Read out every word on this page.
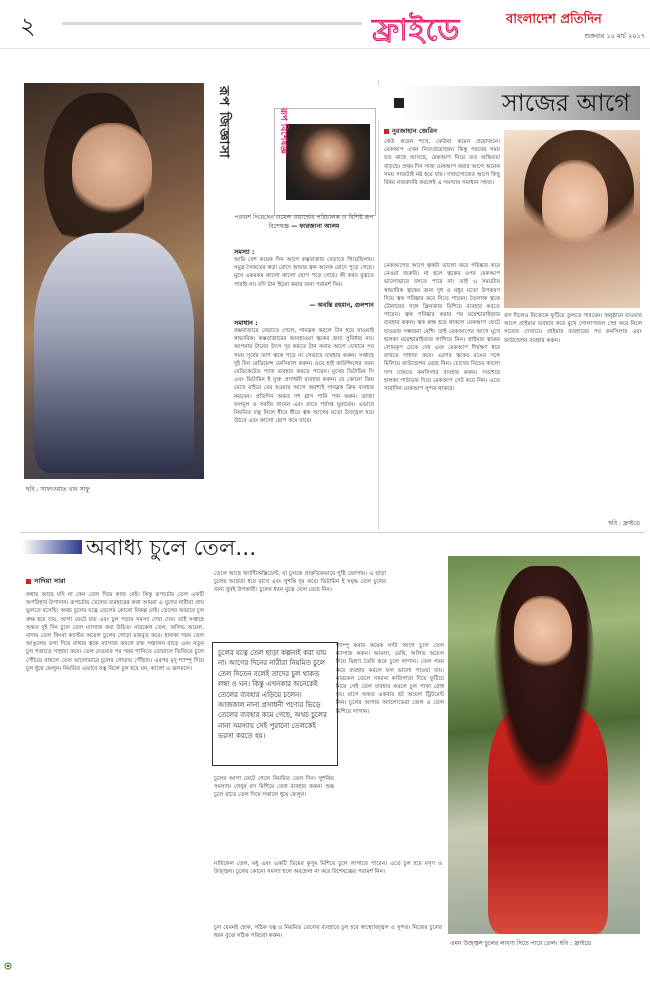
২	ফ্রাইডে	বাংলাদেশ প্রতিদিন
শুক্রবার ১০ মার্চ ২০১৭
ছবি : সাফাওয়াত খান সাফু
রূপ জিজ্ঞাসা	রূপ বিশেষজ্ঞ
পরামর্শ দিয়েছেন ওমেন্স ওয়ার্ল্ডের পরিচালক ও বিশিষ্ট রূপ বিশেষজ্ঞ — ফারজানা আলম
সমস্যা :
আমি বেশ কয়েক দিন আগে কক্সবাজার বেড়াতে গিয়েছিলাম। সমুদ্র সৈকতের কড়া রোদে আমার ত্বক অনেক রোদে পুড়ে গেছে। মুখে একরকম কালো কালো ছোপ পড়ে গেছে। কী করব বুঝতে পারছি না। যদি টান হিয়ো করার জন্য পরামর্শ দিন।
— অবন্তি রহমান, গুলশান
সমাধান :
কক্সবাজারে বেড়াতে গেলে, সানব্লক করলে টান হয়ে যাওয়াই স্বাভাবিক। কক্সবাজারের আবহাওয়া ত্বকের জন্য সুবিধার নয়। আপনার টানের উৎস দূর করতে টান করার আগে যেখানে সব সময় সূর্যের তাপ ত্বকে পড়ে না সেভাবে ব্যবহার করুন। সপ্তাহে দুই দিন রেডিয়েন্স ফেসিয়াল করুন। ওয়ে হাই কাউন্সিলের জন্য মেডিকেটেড প্যাক ব্যবহার করতে পারেন। মুখের ভিটামিন সি এবং ভিটামিন ই যুক্ত প্রসাধনী ব্যবহার করুন। যে কোনো ক্রিম মেখে বাইরে বের হওয়ার আগে অবশ্যই সানব্লক ক্রিম ব্যবহার করবেন। প্রতিদিন অন্তত দশ গ্লাস পানি পান করুন। তাজা ফলমূল ও সবজি খাবেন এবং রাতে পর্যাপ্ত ঘুমাবেন। এভাবে নিয়মিত যত্ন নিলে ধীরে ধীরে ত্বক আগের মতো উজ্জ্বল হয়ে উঠবে এবং কালো ছোপ কমে যাবে।
সাজের আগে
নুরজাহান জেরিন
কেউ করেন শখে, কেউবা করেন প্রয়োজনে। মেকআপ এখন নিত্যপ্রয়োজন। কিন্তু পরবের সময় যত কাছে আসছে, মেকআপ নিয়ে তত অস্থিরতা বাড়ছে। প্রথম দিন সাজ মেকআপ করার আগে অনেক সময় সাজটাই নষ্ট হয়ে যায়। সাজগোজের আগে কিছু বিষয় নজরদারি করলেই এ সমস্যার সমাধান সহজ।
মেকআপের আগে ত্বকটা ভালো করে পরিষ্কার করে নেওয়া জরুরি। না হলে ত্বকের ওপর মেকআপ ভালোভাবে বসতে পারে না। তাই এ সময়টায় স্বাভাবিক ত্বকের জন্য দুধ ও মধুর মতো উপকরণ দিয়ে ত্বক পরিষ্কার করে নিতে পারেন। তৈলাক্ত ত্বকে টোনারের সঙ্গে ক্লিনজার মিশিয়ে ব্যবহার করতে পারেন। ত্বক পরিষ্কার করার পর ময়েশ্চারাইজার ব্যবহার করুন। ত্বক রুক্ষ হয়ে থাকলে মেকআপ ফেটে যাওয়ার সম্ভাবনা বেশি। তাই মেকআপের আগে মুখে হালকা ময়েশ্চারাইজার লাগিয়ে নিন। প্রাইমার ত্বকের লোমকূপ ঢেকে দেয় এবং মেকআপ দীর্ঘক্ষণ ধরে রাখতে সাহায্য করে। এরপর ত্বকের রঙের সঙ্গে মিলিয়ে ফাউন্ডেশন বেছে নিন। চোখের নিচের কালো দাগ ঢাকতে কনসিলার ব্যবহার করুন। সবশেষে হালকা পাউডার দিয়ে মেকআপ সেট করে নিন। এতে সারাদিন মেকআপ সুন্দর থাকবে।
বাদ দিলেও নিজেকে ফুটিয়ে তুলতে পারবেন। অনুষ্ঠানে যাওয়ার আগে প্রাইমার ব্যবহার করে মুখে গোলাপজল স্প্রে করে নিলে সতেজ দেখাবে। প্রাইমার ব্যবহারের পর কনসিলার এবং ফাউন্ডেশন ব্যবহার করুন।
ছবি : ফ্রাইডে
অবাধ্য চুলে তেল...
সাদিয়া সারা
কথায় আছে যদি না কেন তেল দিয়ে কাজ নেই। কিন্তু রূপচর্চায় তেল একটি অপরিহার্য উপাদান। রূপচর্চায় তেলের ব্যবহারের কথা আমরা এ যুগের নারীরা প্রায় ভুলতে বসেছি। অথচ চুলের যত্নে তেলের কোনো বিকল্প নেই। তেলের অভাবে চুল রুক্ষ হয়ে যায়, আগা ফেটে যায় এবং চুল পড়ার সমস্যা দেখা দেয়। তাই সপ্তাহে অন্তত দুই দিন চুলে তেল ম্যাসাজ করা উচিত। নারকেল তেল, অলিভ অয়েল, বাদাম তেল কিংবা ক্যাস্টর অয়েল চুলের গোড়া মজবুত করে। হালকা গরম তেল আঙুলের ডগা দিয়ে মাথার ত্বকে ম্যাসাজ করলে রক্ত সঞ্চালন বাড়ে এবং নতুন চুল গজাতে সাহায্য করে। তেল দেওয়ার পর গরম পানিতে তোয়ালে ভিজিয়ে চুলে পেঁচিয়ে রাখলে তেল ভালোভাবে চুলের গোড়ায় পৌঁছায়। এরপর মৃদু শ্যাম্পু দিয়ে চুল ধুয়ে ফেলুন। নিয়মিত এভাবে যত্ন নিলে চুল হবে ঘন, কালো ও ঝলমলে।
তেলে আছে অ্যান্টিঅক্সিডেন্ট, যা চুলকে প্রাকৃতিকভাবে পুষ্টি জোগায়। এ ছাড়া চুলের আর্দ্রতা ধরে রাখে এবং খুশকি দূর করে। ভিটামিন ই সমৃদ্ধ তেল চুলের জন্য খুবই উপকারী। চুলের ধরন বুঝে তেল বেছে নিন।
চুলের যত্নে তেল ছাড়া কল্পনাই করা যায় না। আগের দিনের নারীরা নিয়মিত চুলে তেল দিতেন বলেই তাদের চুল থাকত লম্বা ও ঘন। কিন্তু এখনকার অনেকেই তেলের ব্যবহার এড়িয়ে চলেন। আজকাল নানা প্রসাধনী পণ্যের ভিড়ে তেলের ব্যবহার কমে গেছে, অথচ চুলের নানা সমস্যায় সেই পুরানো তেলকেই ভরসা করতে হয়।
চুলের আগা ফেটে গেলে নিয়মিত তেল দিন। খুশকির সমস্যায় লেবুর রস মিশিয়ে তেল ব্যবহার করুন। শুষ্ক চুলে রাতে তেল দিয়ে সকালে ধুয়ে ফেলুন।
শ্যাম্পু করার কয়েক ঘণ্টা আগে চুলে তেল ম্যাসাজ করুন। আমলা, মেথি, অলিভ অয়েল দিয়ে মিশ্রণ তৈরি করে চুলে লাগান। তেল গরম করে ব্যবহার করলে ফল ভালো পাওয়া যায়। নারকেল তেলে সামান্য কারিপাতা দিয়ে ফুটিয়ে নিয়ে সেই তেল ব্যবহার করলে চুল পাকা রোধ হয়। মাসে অন্তত একবার হট অয়েল ট্রিটমেন্ট নিন। চুলের আগায় অ্যালোভেরা জেল ও তেল মিশিয়ে লাগান।
নারিকেল তেল, মধু এবং একটি ডিমের কুসুম মিশিয়ে চুলে লাগাতে পারেন। এতে চুল হবে মসৃণ ও উজ্জ্বল। চুলের কোনো সমস্যা হলে অবহেলা না করে বিশেষজ্ঞের পরামর্শ নিন।
চুল যেমনই হোক, সঠিক যত্ন ও নিয়মিত তেলের ব্যবহারে চুল হবে স্বাস্থ্যোজ্জ্বল ও সুন্দর। নিজের চুলের ধরন বুঝে সঠিক পরিচর্যা করুন।
এমন উজ্জ্বল চুলের লাবণ্য দিতে পারে তেল। ছবি : ফ্রাইডে
